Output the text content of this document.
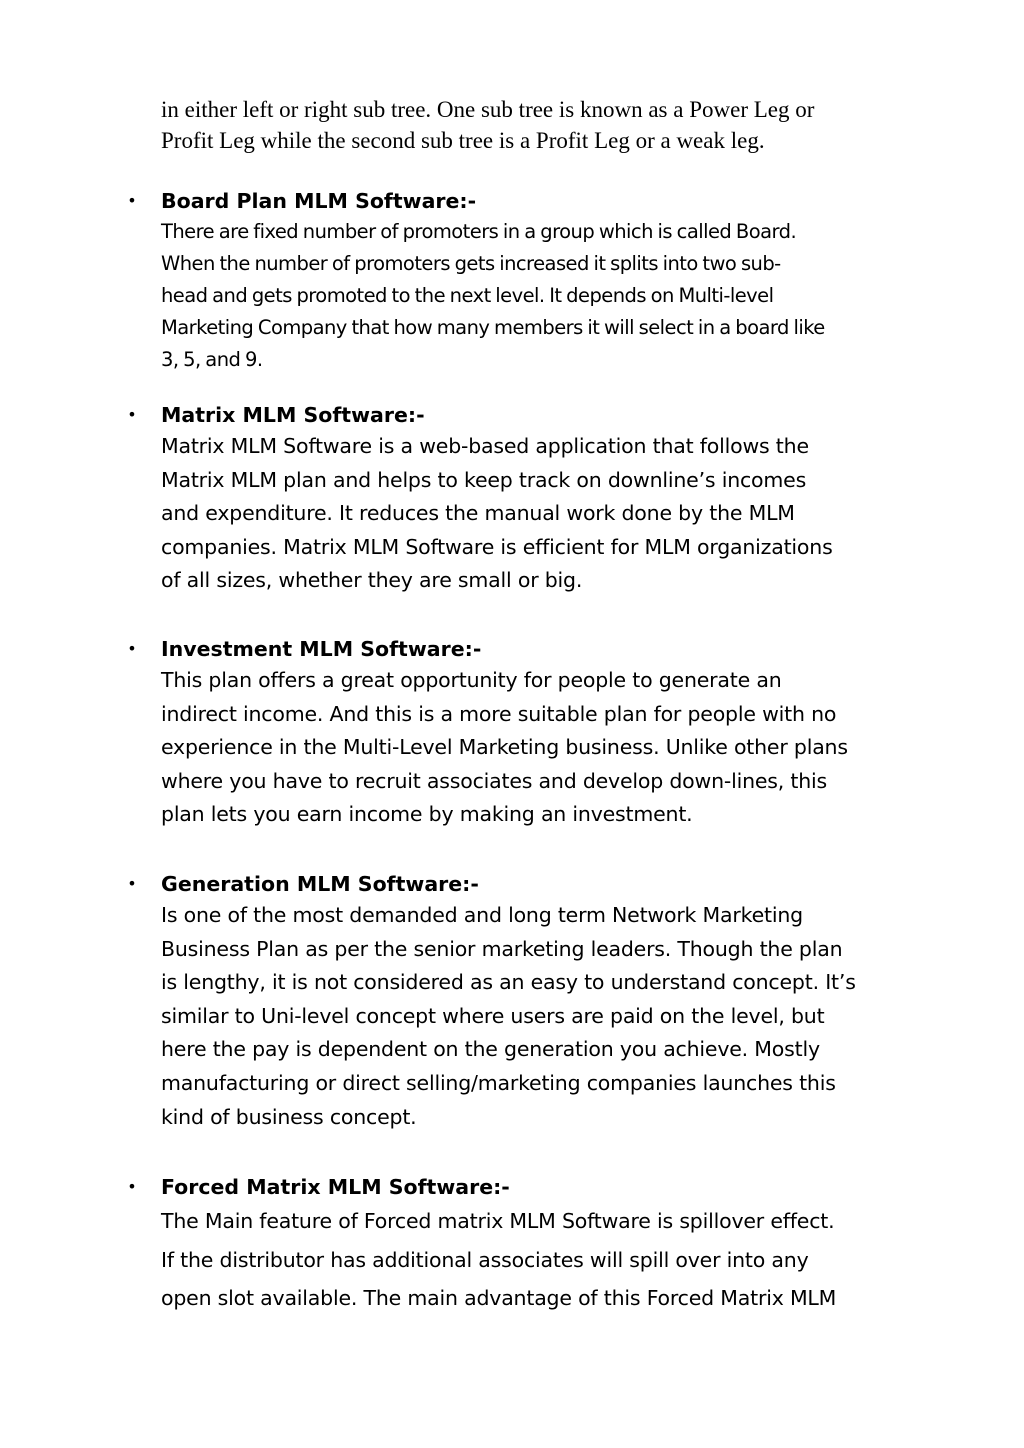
in either left or right sub tree. One sub tree is known as a Power Leg or
Profit Leg while the second sub tree is a Profit Leg or a weak leg.

• Board Plan MLM Software:-
There are fixed number of promoters in a group which is called Board.
When the number of promoters gets increased it splits into two sub-
head and gets promoted to the next level. It depends on Multi-level
Marketing Company that how many members it will select in a board like
3, 5, and 9.
• Matrix MLM Software:-
Matrix MLM Software is a web-based application that follows the
Matrix MLM plan and helps to keep track on downline’s incomes
and expenditure. It reduces the manual work done by the MLM
companies. Matrix MLM Software is efficient for MLM organizations
of all sizes, whether they are small or big.
• Investment MLM Software:-
This plan offers a great opportunity for people to generate an
indirect income. And this is a more suitable plan for people with no
experience in the Multi-Level Marketing business. Unlike other plans
where you have to recruit associates and develop down-lines, this
plan lets you earn income by making an investment.
• Generation MLM Software:-
Is one of the most demanded and long term Network Marketing
Business Plan as per the senior marketing leaders. Though the plan
is lengthy, it is not considered as an easy to understand concept. It’s
similar to Uni-level concept where users are paid on the level, but
here the pay is dependent on the generation you achieve. Mostly
manufacturing or direct selling/marketing companies launches this
kind of business concept.
• Forced Matrix MLM Software:-
The Main feature of Forced matrix MLM Software is spillover effect.
If the distributor has additional associates will spill over into any
open slot available. The main advantage of this Forced Matrix MLM
